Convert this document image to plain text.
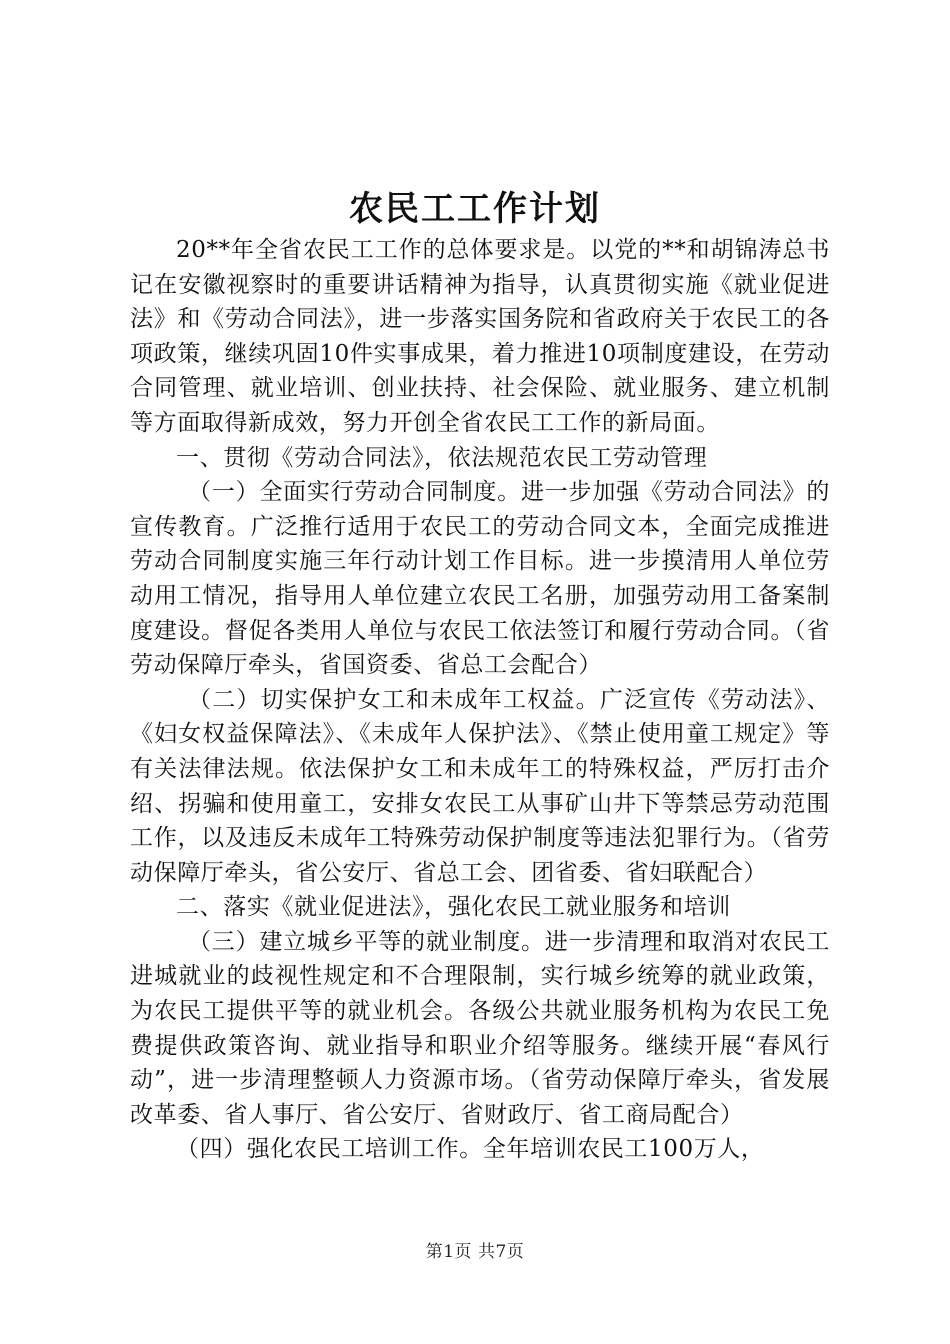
农民工工作计划

20**年全省农民工工作的总体要求是。以党的**和胡锦涛总书记在安徽视察时的重要讲话精神为指导，认真贯彻实施《就业促进法》和《劳动合同法》，进一步落实国务院和省政府关于农民工的各项政策，继续巩固10件实事成果，着力推进10项制度建设，在劳动合同管理、就业培训、创业扶持、社会保险、就业服务、建立机制等方面取得新成效，努力开创全省农民工工作的新局面。

一、贯彻《劳动合同法》，依法规范农民工劳动管理

（一）全面实行劳动合同制度。进一步加强《劳动合同法》的宣传教育。广泛推行适用于农民工的劳动合同文本，全面完成推进劳动合同制度实施三年行动计划工作目标。进一步摸清用人单位劳动用工情况，指导用人单位建立农民工名册，加强劳动用工备案制度建设。督促各类用人单位与农民工依法签订和履行劳动合同。（省劳动保障厅牵头，省国资委、省总工会配合）

（二）切实保护女工和未成年工权益。广泛宣传《劳动法》、《妇女权益保障法》、《未成年人保护法》、《禁止使用童工规定》等有关法律法规。依法保护女工和未成年工的特殊权益，严厉打击介绍、拐骗和使用童工，安排女农民工从事矿山井下等禁忌劳动范围工作，以及违反未成年工特殊劳动保护制度等违法犯罪行为。（省劳动保障厅牵头，省公安厅、省总工会、团省委、省妇联配合）

二、落实《就业促进法》，强化农民工就业服务和培训

（三）建立城乡平等的就业制度。进一步清理和取消对农民工进城就业的歧视性规定和不合理限制，实行城乡统筹的就业政策，为农民工提供平等的就业机会。各级公共就业服务机构为农民工免费提供政策咨询、就业指导和职业介绍等服务。继续开展“春风行动”，进一步清理整顿人力资源市场。（省劳动保障厅牵头，省发展改革委、省人事厅、省公安厅、省财政厅、省工商局配合）

（四）强化农民工培训工作。全年培训农民工100万人，

第1页 共7页
